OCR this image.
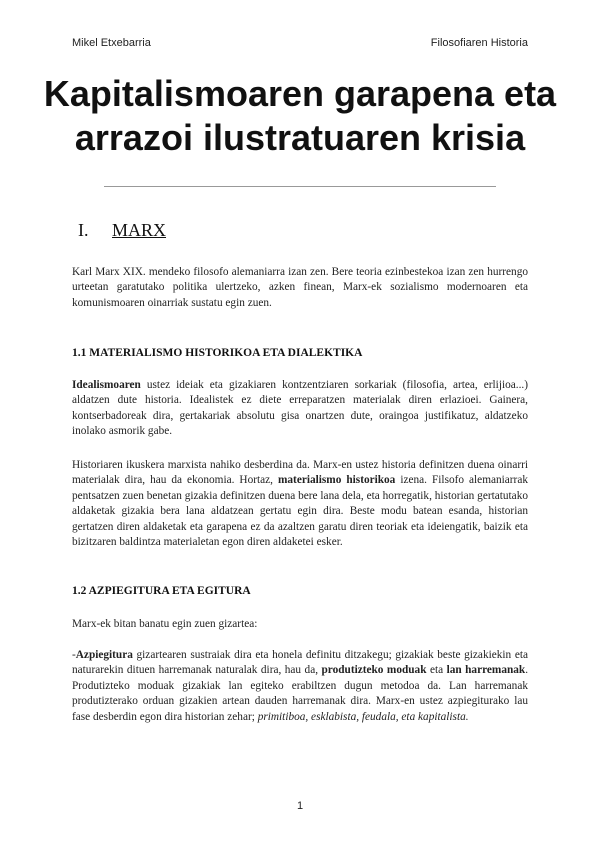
Mikel Etxebarria	Filosofiaren Historia
Kapitalismoaren garapena eta
arrazoi ilustratuaren krisia
I. MARX

Karl Marx XIX. mendeko filosofo alemaniarra izan zen. Bere teoria ezinbestekoa izan zen hurrengo urteetan garatutako politika ulertzeko, azken finean, Marx-ek sozialismo modernoaren eta komunismoaren oinarriak sustatu egin zuen.

1.1 MATERIALISMO HISTORIKOA ETA DIALEKTIKA

Idealismoaren ustez ideiak eta gizakiaren kontzentziaren sorkariak (filosofia, artea, erlijioa...) aldatzen dute historia. Idealistek ez diete erreparatzen materialak diren erlazioei. Gainera, kontserbadoreak dira, gertakariak absolutu gisa onartzen dute, oraingoa justifikatuz, aldatzeko inolako asmorik gabe.

Historiaren ikuskera marxista nahiko desberdina da. Marx-en ustez historia definitzen duena oinarri materialak dira, hau da ekonomia. Hortaz, materialismo historikoa izena. Filsofo alemaniarrak pentsatzen zuen benetan gizakia definitzen duena bere lana dela, eta horregatik, historian gertatutako aldaketak gizakia bera lana aldatzean gertatu egin dira. Beste modu batean esanda, historian gertatzen diren aldaketak eta garapena ez da azaltzen garatu diren teoriak eta ideiengatik, baizik eta bizitzaren baldintza materialetan egon diren aldaketei esker.

1.2 AZPIEGITURA ETA EGITURA

Marx-ek bitan banatu egin zuen gizartea:

-Azpiegitura gizartearen sustraiak dira eta honela definitu ditzakegu; gizakiak beste gizakiekin eta naturarekin dituen harremanak naturalak dira, hau da, produtizteko moduak eta lan harremanak. Produtizteko moduak gizakiak lan egiteko erabiltzen dugun metodoa da. Lan harremanak produtizterako orduan gizakien artean dauden harremanak dira. Marx-en ustez azpiegiturako lau fase desberdin egon dira historian zehar; primitiboa, esklabista, feudala, eta kapitalista.

1
